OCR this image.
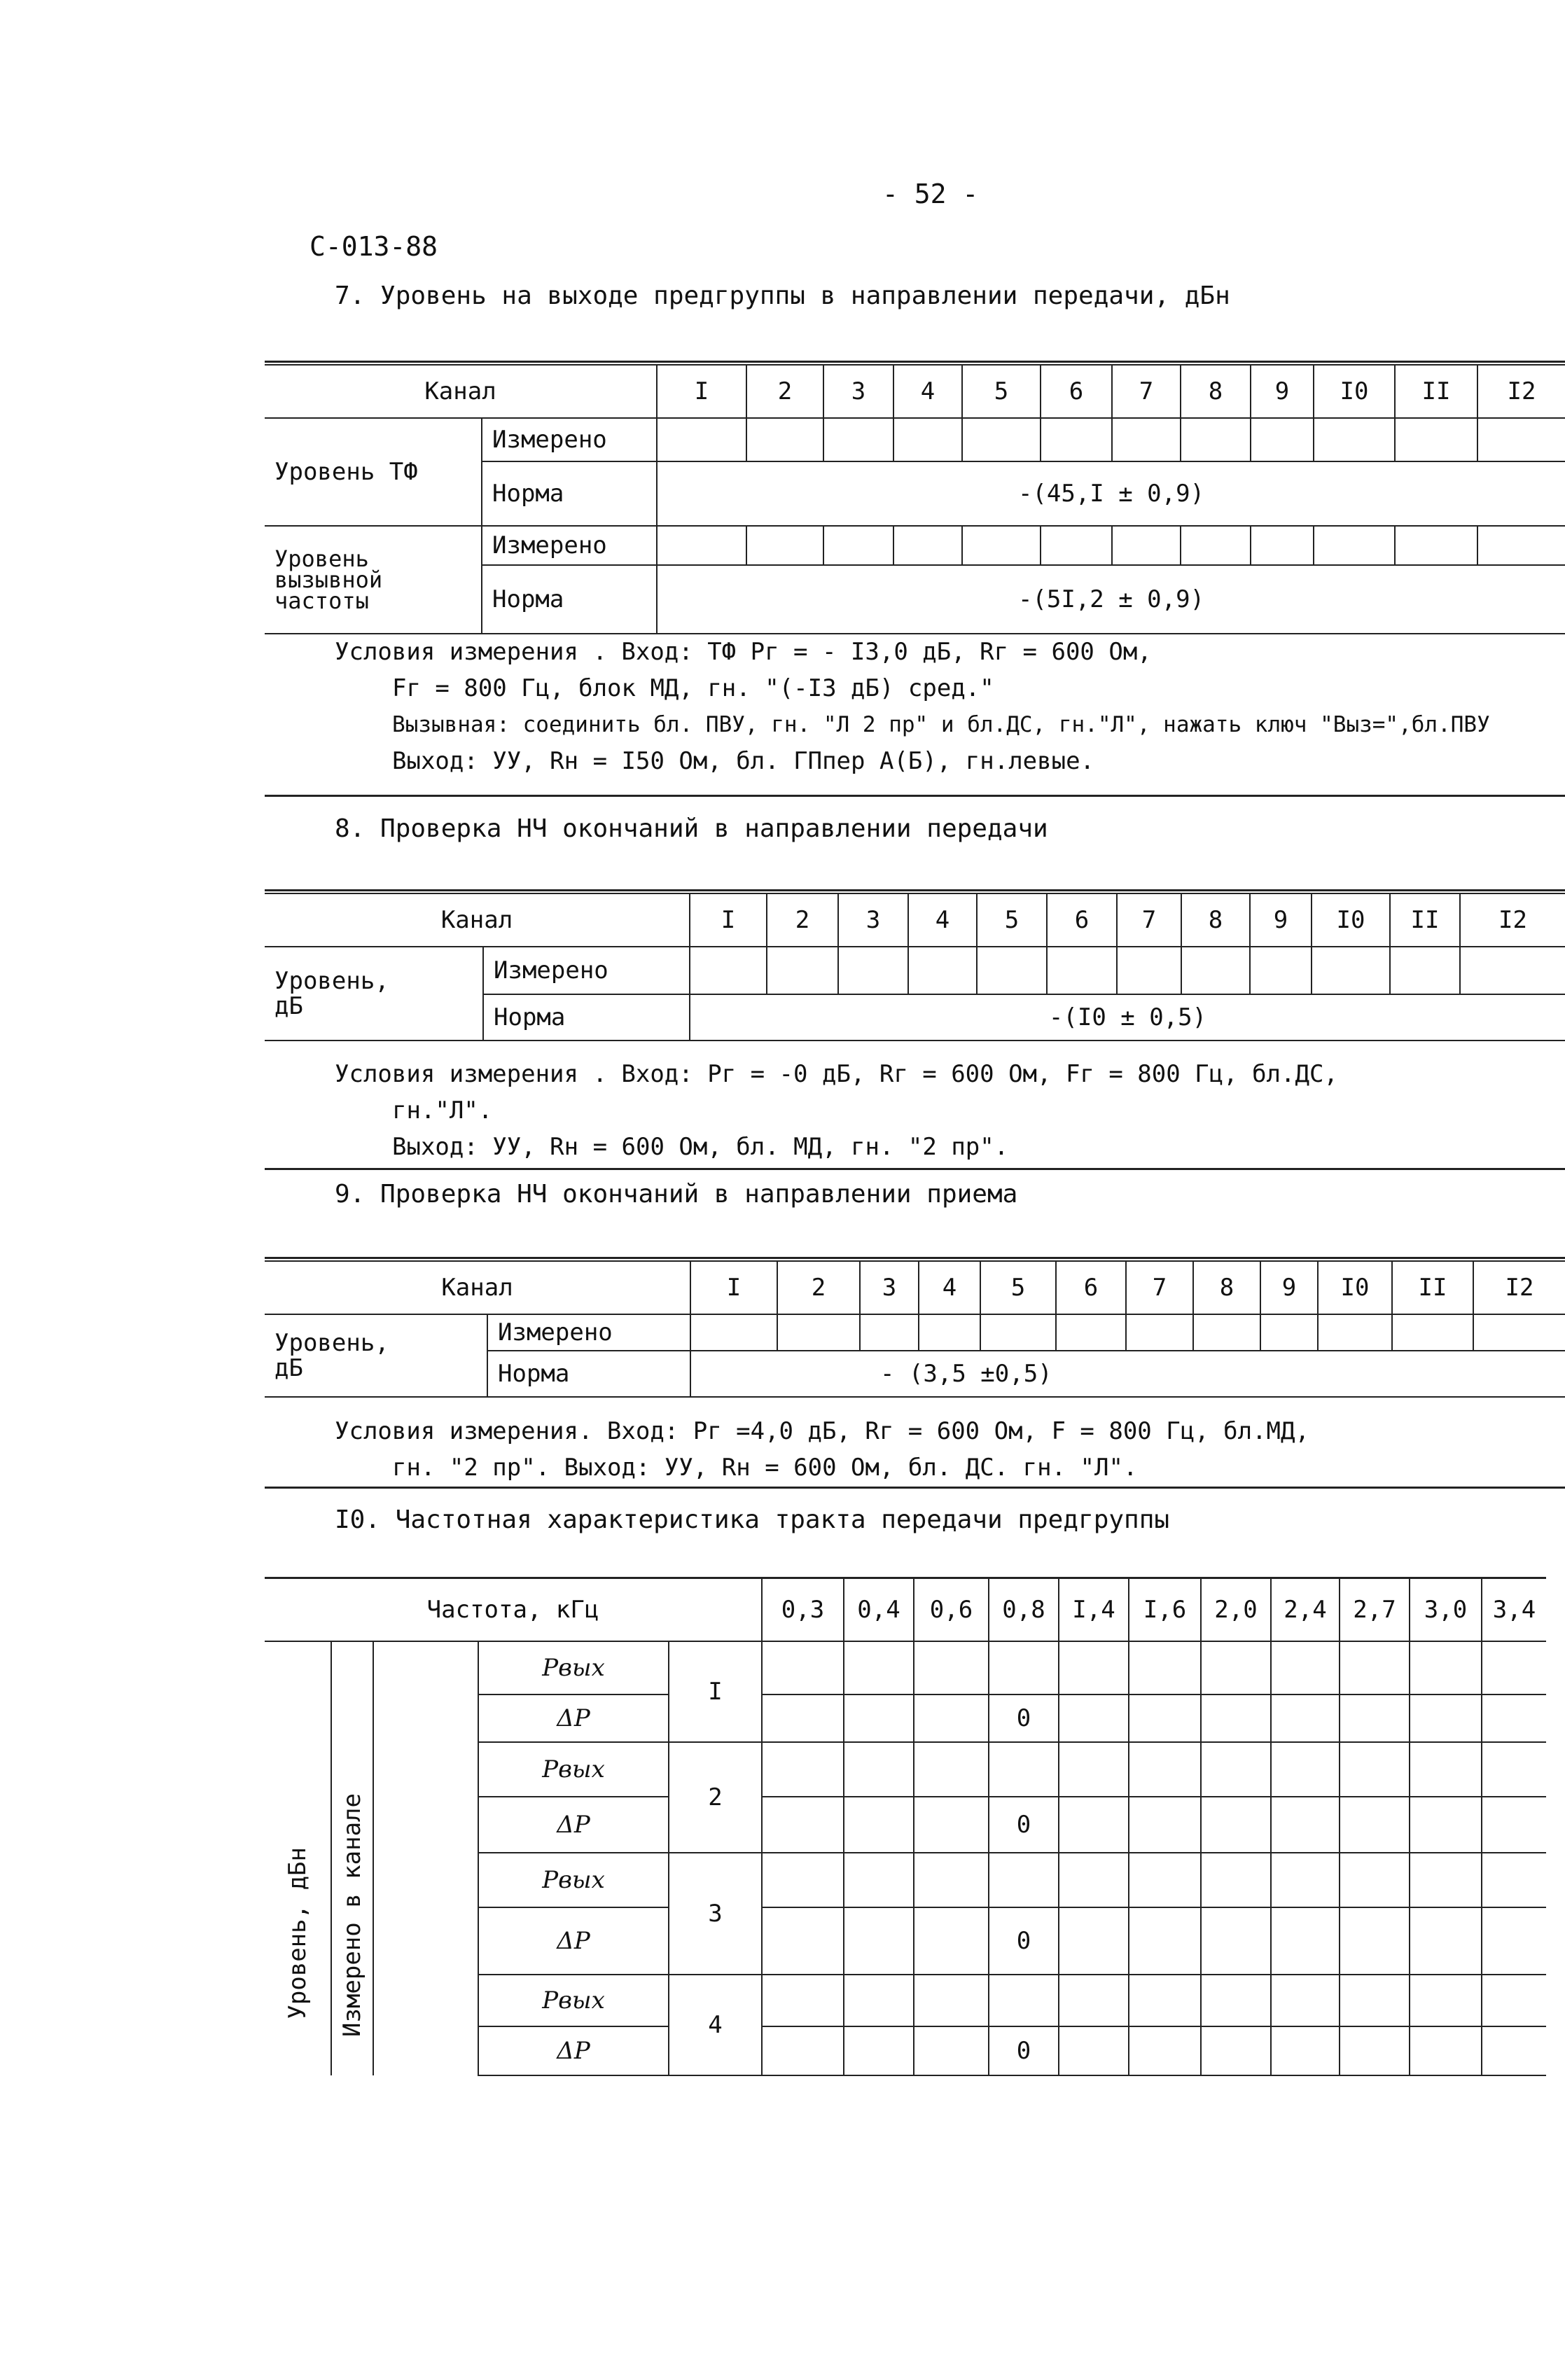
- 52 -
С-013-88
7. Уровень на выходе предгруппы в направлении передачи, дБн
Канал		I	2	3	4	5	6	7	8	9	I0	II	I2
Уровень ТФ	Измерено												
	Норма	-(45,I ± 0,9)											
Уровень вызывной частоты	Измерено												
	Норма	-(5I,2 ± 0,9)											
Условия измерения . Вход: ТФ Рг = - I3,0 дБ, Rг = 600 Ом,
Fг = 800 Гц, блок МД, гн. "(-I3 дБ) сред."
Вызывная: соединить бл. ПВУ, гн. "Л 2 пр" и бл.ДС, гн."Л", нажать ключ "Выз=",бл.ПВУ
Выход: УУ, Rн = I50 Ом, бл. ГПпер А(Б), гн.левые.
8. Проверка НЧ окончаний в направлении передачи
Канал		I	2	3	4	5	6	7	8	9	I0	II	I2
Уровень, дБ	Измерено												
	Норма	-(I0 ± 0,5)											
Условия измерения . Вход: Рг = -0 дБ, Rг = 600 Ом, Fг = 800 Гц, бл.ДС,
гн."Л".
Выход: УУ, Rн = 600 Ом, бл. МД, гн. "2 пр".
9. Проверка НЧ окончаний в направлении приема
Канал		I	2	3	4	5	6	7	8	9	I0	II	I2
Уровень, дБ	Измерено												
	Норма	- (3,5 ±0,5)											
Условия измерения. Вход: Рг =4,0 дБ, Rг = 600 Ом, F = 800 Гц, бл.МД,
гн. "2 пр". Выход: УУ, Rн = 600 Ом, бл. ДС. гн. "Л".
I0. Частотная характеристика тракта передачи предгруппы
Частота, кГц					0,3	0,4	0,6	0,8	I,4	I,6	2,0	2,4	2,7	3,0	3,4

Уровень, дБн	Измерено в канале		Рвых	I											
			ΔР					0							
			Рвых	2											
			ΔР					0							
			Рвых	3											
			ΔР					0							
			Рвых	4											
			ΔР					0							
